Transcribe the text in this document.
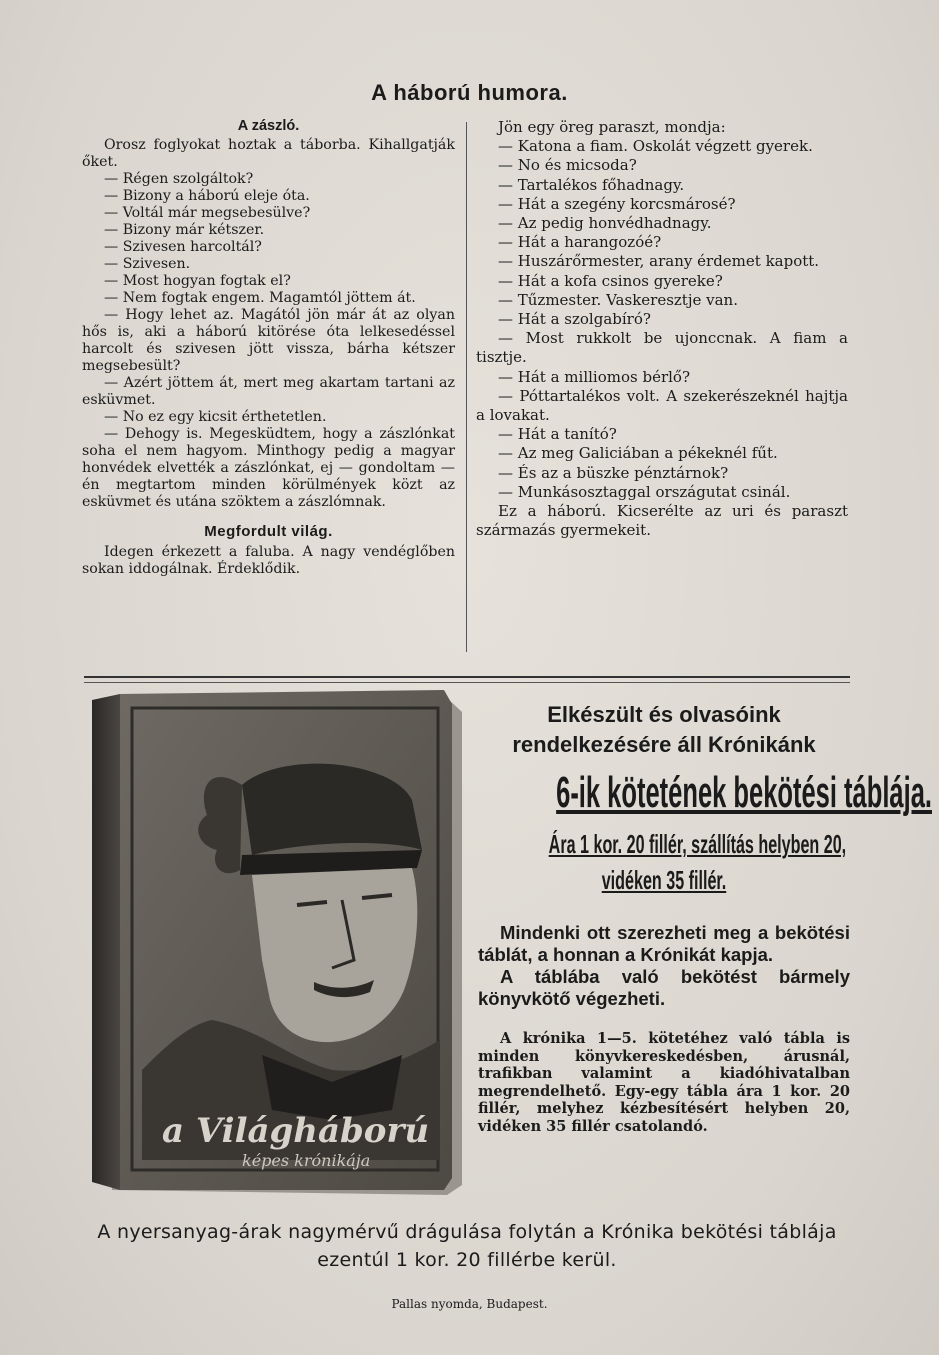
A háború humora.
A zászló.

Orosz foglyokat hoztak a táborba. Kihallgatják őket.

— Régen szolgáltok?

— Bizony a háború eleje óta.

— Voltál már megsebesülve?

— Bizony már kétszer.

— Szivesen harcoltál?

— Szivesen.

— Most hogyan fogtak el?

— Nem fogtak engem. Magamtól jöttem át.

— Hogy lehet az. Magától jön már át az olyan hős is, aki a háború kitörése óta lelkesedéssel harcolt és szivesen jött vissza, bárha kétszer megsebesült?

— Azért jöttem át, mert meg akartam tartani az esküvmet.

— No ez egy kicsit érthetetlen.

— Dehogy is. Megesküdtem, hogy a zászlónkat soha el nem hagyom. Minthogy pedig a magyar honvédek elvették a zászlónkat, ej — gondoltam — én megtartom minden körülmények közt az esküvmet és utána szöktem a zászlómnak.

Megfordult világ.

Idegen érkezett a faluba. A nagy vendéglőben sokan iddogálnak. Érdeklődik.

Jön egy öreg paraszt, mondja:

— Katona a fiam. Oskolát végzett gyerek.

— No és micsoda?

— Tartalékos főhadnagy.

— Hát a szegény korcsmárosé?

— Az pedig honvédhadnagy.

— Hát a harangozóé?

— Huszárőrmester, arany érdemet kapott.

— Hát a kofa csinos gyereke?

— Tűzmester. Vaskeresztje van.

— Hát a szolgabíró?

— Most rukkolt be ujonccnak. A fiam a tisztje.

— Hát a milliomos bérlő?

— Póttartalékos volt. A szekerészeknél hajtja a lovakat.

— Hát a tanító?

— Az meg Galiciában a pékeknél fűt.

— És az a büszke pénztárnok?

— Munkásosztaggal országutat csinál.

Ez a háború. Kicserélte az uri és paraszt származás gyermekeit.

a Világháború
képes krónikája
Elkészült és olvasóink rendelkezésére áll Krónikánk
6-ik kötetének bekötési táblája.
Ára 1 kor. 20 fillér, szállítás helyben 20,
vidéken 35 fillér.

Mindenki ott szerezheti meg a bekötési táblát, a honnan a Krónikát kapja.

A táblába való bekötést bármely könyvkötő végezheti.

A krónika 1—5. kötetéhez való tábla is minden könyvkereskedésben, árusnál, trafikban valamint a kiadóhivatalban megrendelhető. Egy-egy tábla ára 1 kor. 20 fillér, melyhez kézbesítésért helyben 20, vidéken 35 fillér csatolandó.

A nyersanyag-árak nagymérvű drágulása folytán a Krónika bekötési táblája ezentúl 1 kor. 20 fillérbe kerül.
Pallas nyomda, Budapest.
